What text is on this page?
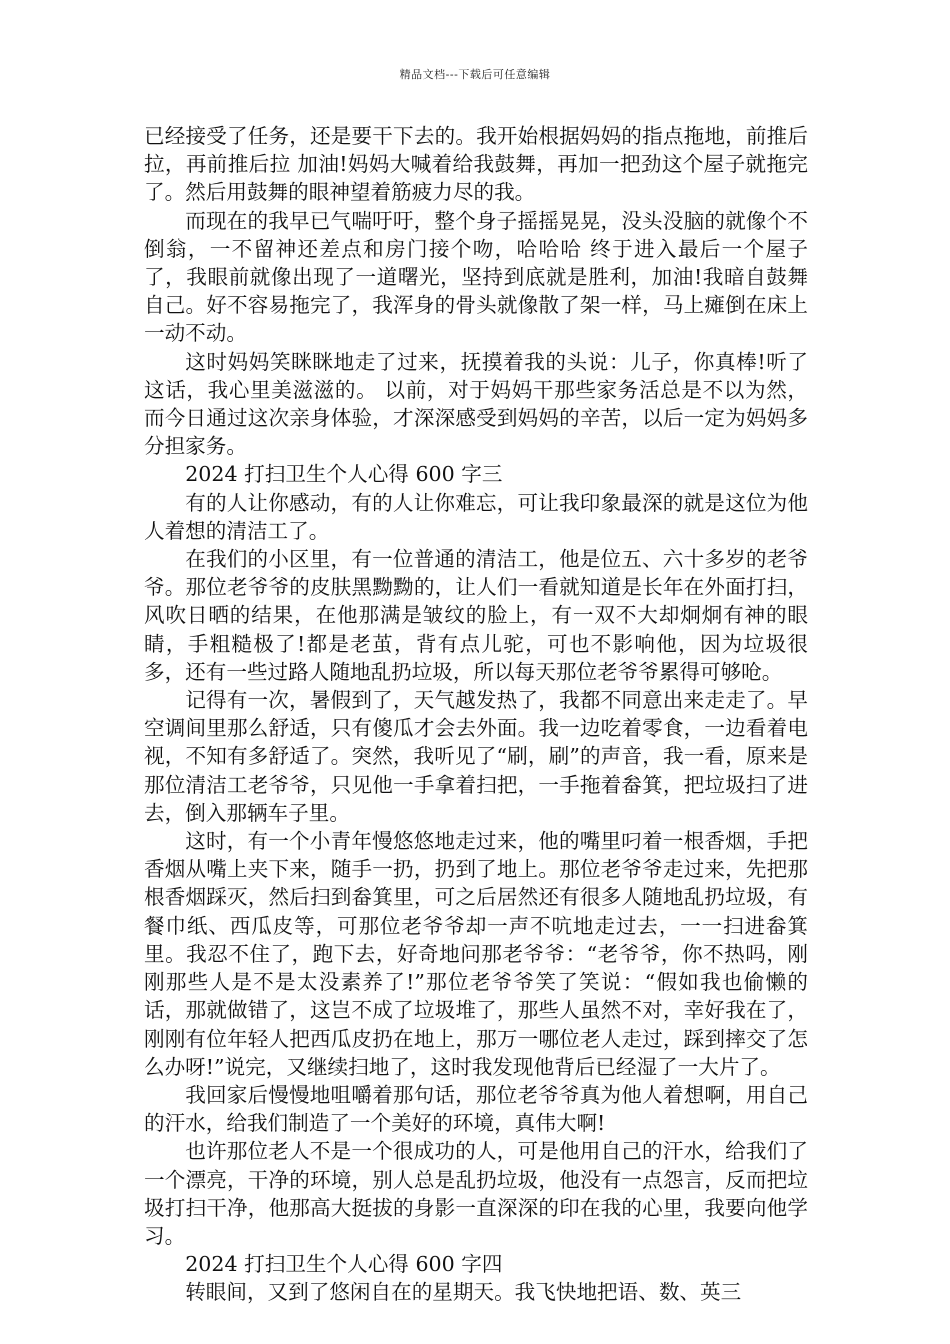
精品文档---下载后可任意编辑

已经接受了任务，还是要干下去的。我开始根据妈妈的指点拖地，前推后拉，再前推后拉 加油!妈妈大喊着给我鼓舞，再加一把劲这个屋子就拖完了。然后用鼓舞的眼神望着筋疲力尽的我。

而现在的我早已气喘吁吁，整个身子摇摇晃晃，没头没脑的就像个不倒翁，一不留神还差点和房门接个吻，哈哈哈 终于进入最后一个屋子了，我眼前就像出现了一道曙光，坚持到底就是胜利，加油!我暗自鼓舞自己。好不容易拖完了，我浑身的骨头就像散了架一样，马上瘫倒在床上一动不动。

这时妈妈笑眯眯地走了过来，抚摸着我的头说：儿子，你真棒!听了这话，我心里美滋滋的。 以前，对于妈妈干那些家务活总是不以为然，而今日通过这次亲身体验，才深深感受到妈妈的辛苦，以后一定为妈妈多分担家务。

2024 打扫卫生个人心得 600 字三

有的人让你感动，有的人让你难忘，可让我印象最深的就是这位为他人着想的清洁工了。

在我们的小区里，有一位普通的清洁工，他是位五、六十多岁的老爷爷。那位老爷爷的皮肤黑黝黝的，让人们一看就知道是长年在外面打扫，风吹日晒的结果，在他那满是皱纹的脸上，有一双不大却炯炯有神的眼睛，手粗糙极了!都是老茧，背有点儿驼，可也不影响他，因为垃圾很多，还有一些过路人随地乱扔垃圾，所以每天那位老爷爷累得可够呛。

记得有一次，暑假到了，天气越发热了，我都不同意出来走走了。早空调间里那么舒适，只有傻瓜才会去外面。我一边吃着零食，一边看着电视，不知有多舒适了。突然，我听见了“刷，刷”的声音，我一看，原来是那位清洁工老爷爷，只见他一手拿着扫把，一手拖着畚箕，把垃圾扫了进去，倒入那辆车子里。

这时，有一个小青年慢悠悠地走过来，他的嘴里叼着一根香烟，手把香烟从嘴上夹下来，随手一扔，扔到了地上。那位老爷爷走过来，先把那根香烟踩灭，然后扫到畚箕里，可之后居然还有很多人随地乱扔垃圾，有餐巾纸、西瓜皮等，可那位老爷爷却一声不吭地走过去，一一扫进畚箕里。我忍不住了，跑下去，好奇地问那老爷爷：“老爷爷，你不热吗，刚刚那些人是不是太没素养了!”那位老爷爷笑了笑说：“假如我也偷懒的话，那就做错了，这岂不成了垃圾堆了，那些人虽然不对，幸好我在了，刚刚有位年轻人把西瓜皮扔在地上，那万一哪位老人走过，踩到摔交了怎么办呀!”说完，又继续扫地了，这时我发现他背后已经湿了一大片了。

我回家后慢慢地咀嚼着那句话，那位老爷爷真为他人着想啊，用自己的汗水，给我们制造了一个美好的环境，真伟大啊!

也许那位老人不是一个很成功的人，可是他用自己的汗水，给我们了一个漂亮，干净的环境，别人总是乱扔垃圾，他没有一点怨言，反而把垃圾打扫干净，他那高大挺拔的身影一直深深的印在我的心里，我要向他学习。

2024 打扫卫生个人心得 600 字四

转眼间，又到了悠闲自在的星期天。我飞快地把语、数、英三
